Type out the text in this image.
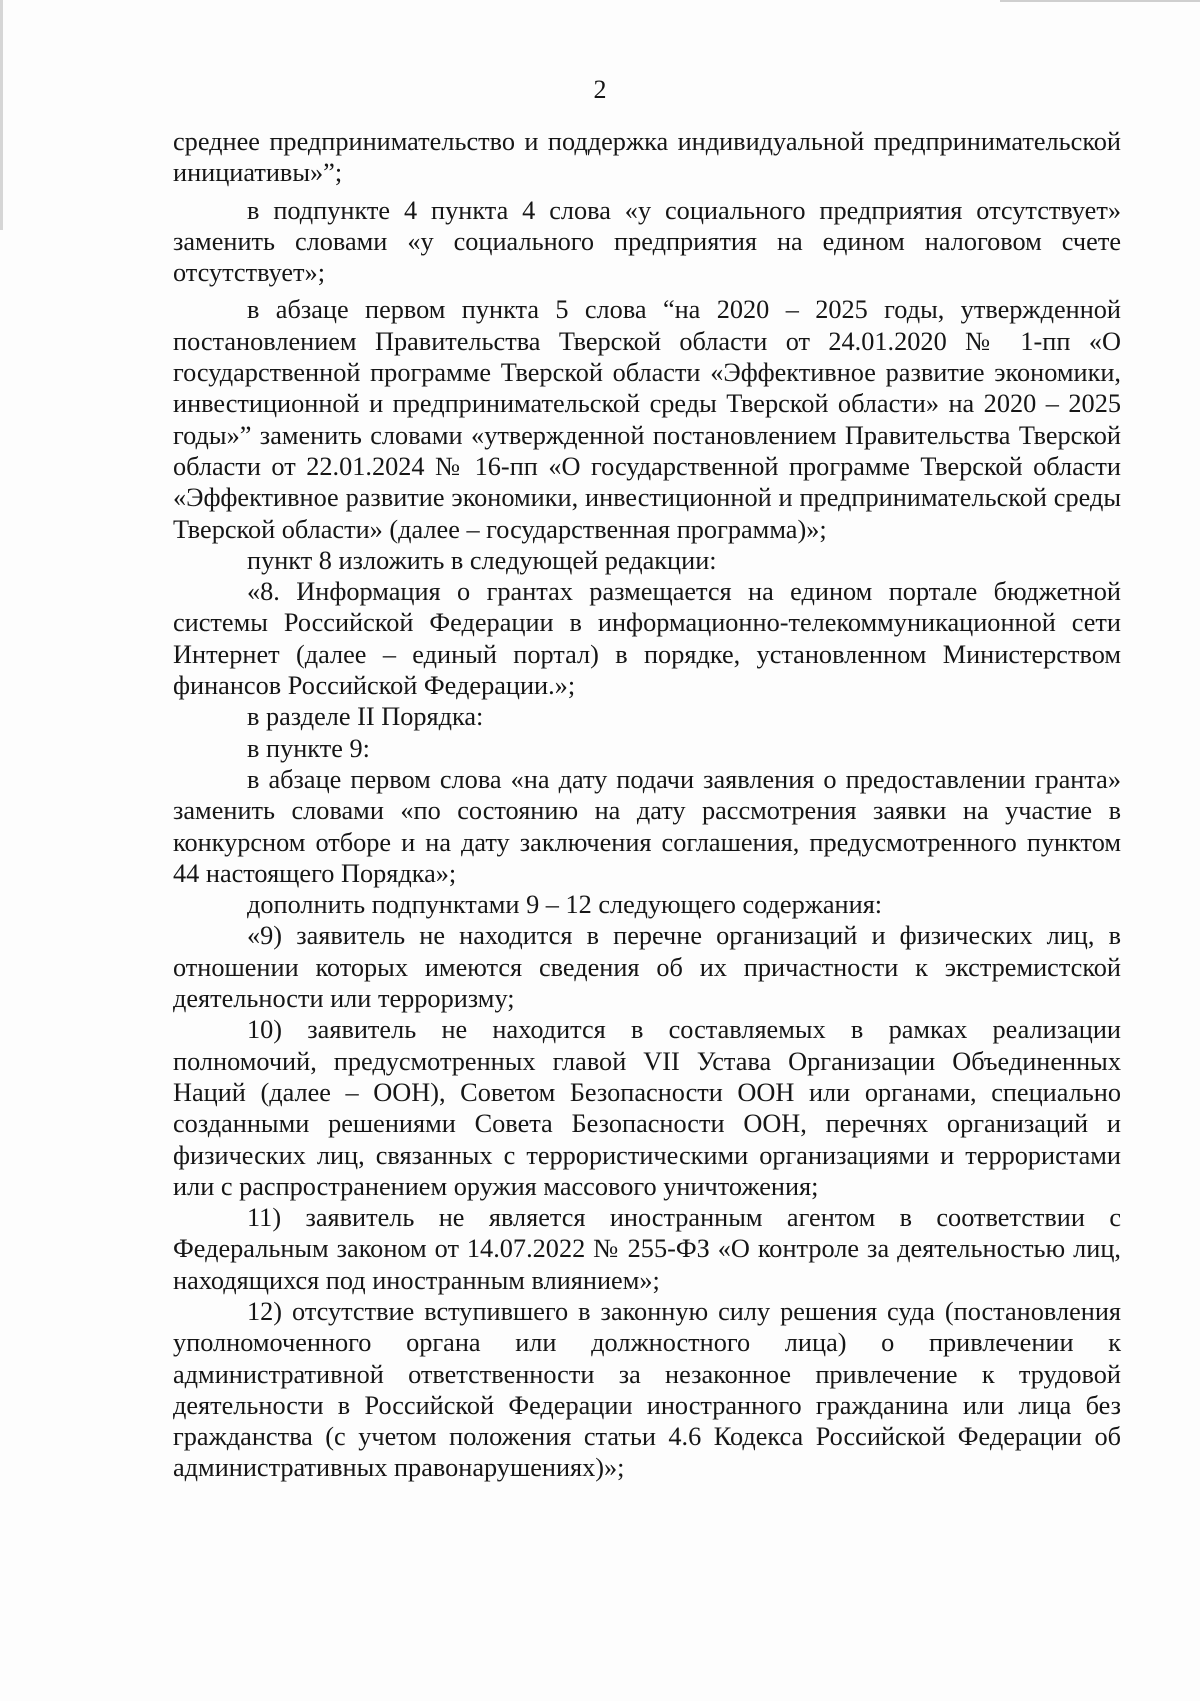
2

среднее предпринимательство и поддержка индивидуальной предпринимательской инициативы»”;

в подпункте 4 пункта 4 слова «у социального предприятия отсутствует» заменить словами «у социального предприятия на едином налоговом счете отсутствует»;

в абзаце первом пункта 5 слова “на 2020 – 2025 годы, утвержденной постановлением Правительства Тверской области от 24.01.2020 № 1-пп «О государственной программе Тверской области «Эффективное развитие экономики, инвестиционной и предпринимательской среды Тверской области» на 2020 – 2025 годы»” заменить словами «утвержденной постановлением Правительства Тверской области от 22.01.2024 № 16-пп «О государственной программе Тверской области «Эффективное развитие экономики, инвестиционной и предпринимательской среды Тверской области» (далее – государственная программа)»;

пункт 8 изложить в следующей редакции:

«8. Информация о грантах размещается на едином портале бюджетной системы Российской Федерации в информационно-телекоммуникационной сети Интернет (далее – единый портал) в порядке, установленном Министерством финансов Российской Федерации.»;

в разделе II Порядка:

в пункте 9:

в абзаце первом слова «на дату подачи заявления о предоставлении гранта» заменить словами «по состоянию на дату рассмотрения заявки на участие в конкурсном отборе и на дату заключения соглашения, предусмотренного пунктом 44 настоящего Порядка»;

дополнить подпунктами 9 – 12 следующего содержания:

«9) заявитель не находится в перечне организаций и физических лиц, в отношении которых имеются сведения об их причастности к экстремистской деятельности или терроризму;

10) заявитель не находится в составляемых в рамках реализации полномочий, предусмотренных главой VII Устава Организации Объединенных Наций (далее – ООН), Советом Безопасности ООН или органами, специально созданными решениями Совета Безопасности ООН, перечнях организаций и физических лиц, связанных с террористическими организациями и террористами или с распространением оружия массового уничтожения;

11) заявитель не является иностранным агентом в соответствии с Федеральным законом от 14.07.2022 № 255-ФЗ «О контроле за деятельностью лиц, находящихся под иностранным влиянием»;

12) отсутствие вступившего в законную силу решения суда (постановления уполномоченного органа или должностного лица) о привлечении к административной ответственности за незаконное привлечение к трудовой деятельности в Российской Федерации иностранного гражданина или лица без гражданства (с учетом положения статьи 4.6 Кодекса Российской Федерации об административных правонарушениях)»;
